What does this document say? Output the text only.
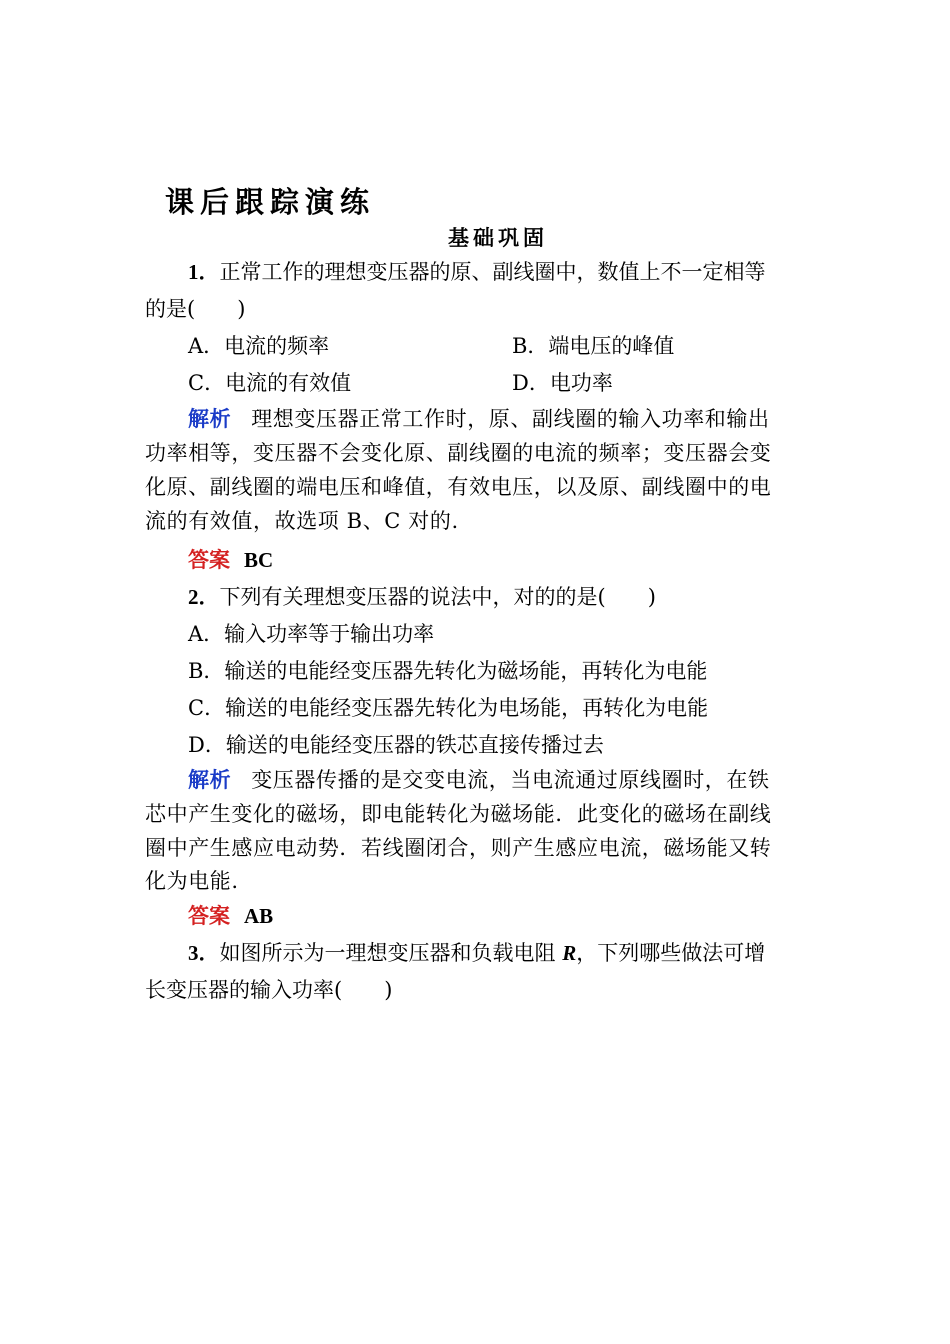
课后跟踪演练
基础巩固
1．正常工作的理想变压器的原、副线圈中，数值上不一定相等
的是(　　)
A．电流的频率	B．端电压的峰值
C．电流的有效值	D．电功率
解析 理想变压器正常工作时，原、副线圈的输入功率和输出
功率相等，变压器不会变化原、副线圈的电流的频率；变压器会变
化原、副线圈的端电压和峰值，有效电压，以及原、副线圈中的电
流的有效值，故选项 B、C 对的.
答案 BC
2．下列有关理想变压器的说法中，对的的是(　　)
A．输入功率等于输出功率
B．输送的电能经变压器先转化为磁场能，再转化为电能
C．输送的电能经变压器先转化为电场能，再转化为电能
D．输送的电能经变压器的铁芯直接传播过去
解析 变压器传播的是交变电流，当电流通过原线圈时，在铁
芯中产生变化的磁场，即电能转化为磁场能．此变化的磁场在副线
圈中产生感应电动势．若线圈闭合，则产生感应电流，磁场能又转
化为电能.
答案 AB
3．如图所示为一理想变压器和负载电阻 R，下列哪些做法可增
长变压器的输入功率(　　)
